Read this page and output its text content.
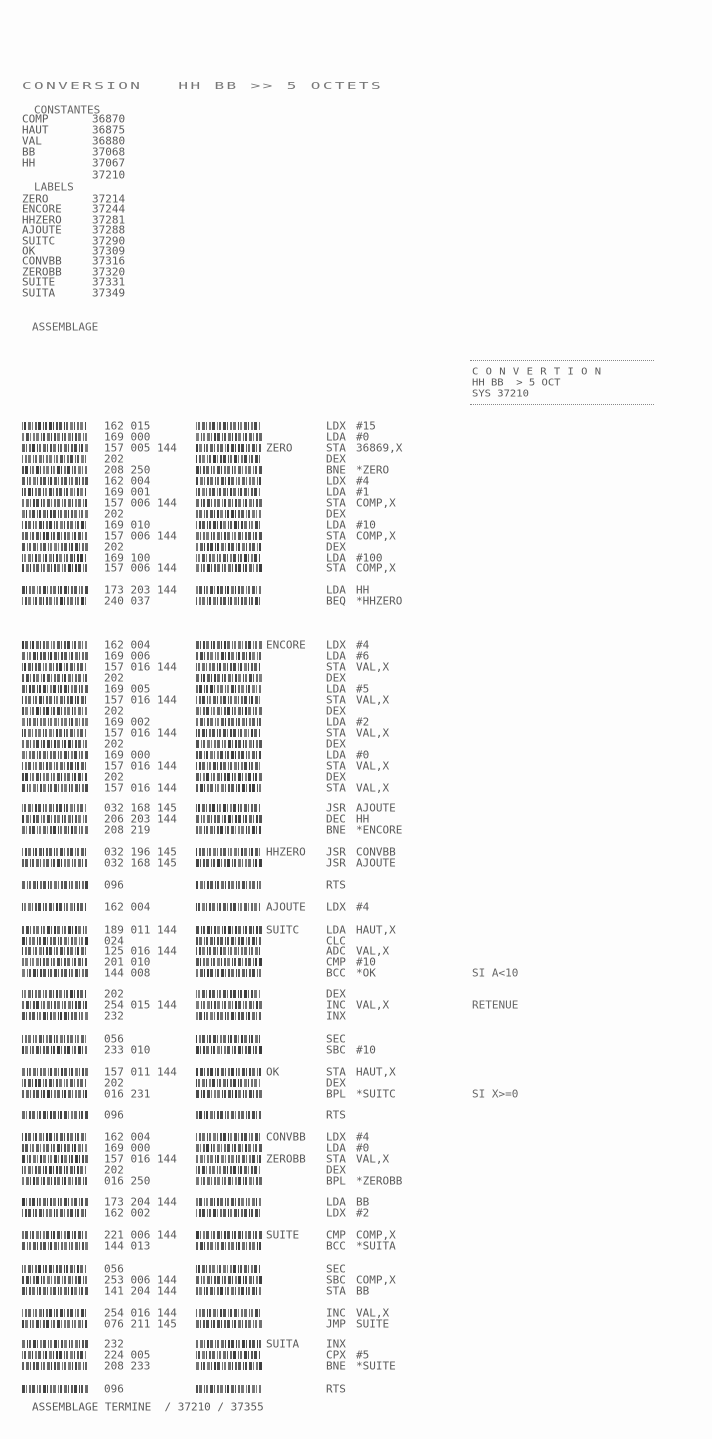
CONVERSION   HH BB >> 5 OCTETS
CONSTANTES
COMP	36870
HAUT	36875
VAL	36880
BB	37068
HH	37067
37210
LABELS
ZERO	37214
ENCORE	37244
HHZERO	37281
AJOUTE	37288
SUITC	37290
OK	37309
CONVBB	37316
ZEROBB	37320
SUITE	37331
SUITA	37349
ASSEMBLAGE
C O N V E R T I O N
HH BB  > 5 OCT
SYS 37210
162 015	LDX #15
169 000	LDA #0
157 005 144	ZERO	STA 36869,X
202	DEX
208 250	BNE *ZERO
162 004	LDX #4
169 001	LDA #1
157 006 144	STA COMP,X
202	DEX
169 010	LDA #10
157 006 144	STA COMP,X
202	DEX
169 100	LDA #100
157 006 144	STA COMP,X
173 203 144	LDA HH
240 037	BEQ *HHZERO
162 004	ENCORE LDX #4
169 006	LDA #6
157 016 144	STA VAL,X
202	DEX
169 005	LDA #5
157 016 144	STA VAL,X
202	DEX
169 002	LDA #2
157 016 144	STA VAL,X
202	DEX
169 000	LDA #0
157 016 144	STA VAL,X
202	DEX
157 016 144	STA VAL,X
032 168 145	JSR AJOUTE
206 203 144	DEC HH
208 219	BNE *ENCORE
032 196 145	HHZERO JSR CONVBB
032 168 145	JSR AJOUTE
096	RTS
162 004	AJOUTE LDX #4
189 011 144	SUITC LDA HAUT,X
024	CLC
125 016 144	ADC VAL,X
201 010	CMP #10
144 008	BCC *OK	SI A<10
202	DEX
254 015 144	INC VAL,X	RETENUE
232	INX
056	SEC
233 010	SBC #10
157 011 144	OK	STA HAUT,X
202	DEX
016 231	BPL *SUITC	SI X>=0
096	RTS
162 004	CONVBB LDX #4
169 000	LDA #0
157 016 144	ZEROBB STA VAL,X
202	DEX
016 250	BPL *ZEROBB
173 204 144	LDA BB
162 002	LDX #2
221 006 144	SUITE CMP COMP,X
144 013	BCC *SUITA
056	SEC
253 006 144	SBC COMP,X
141 204 144	STA BB
254 016 144	INC VAL,X
076 211 145	JMP SUITE
232	SUITA INX
224 005	CPX #5
208 233	BNE *SUITE
096	RTS
ASSEMBLAGE TERMINE  / 37210 / 37355
